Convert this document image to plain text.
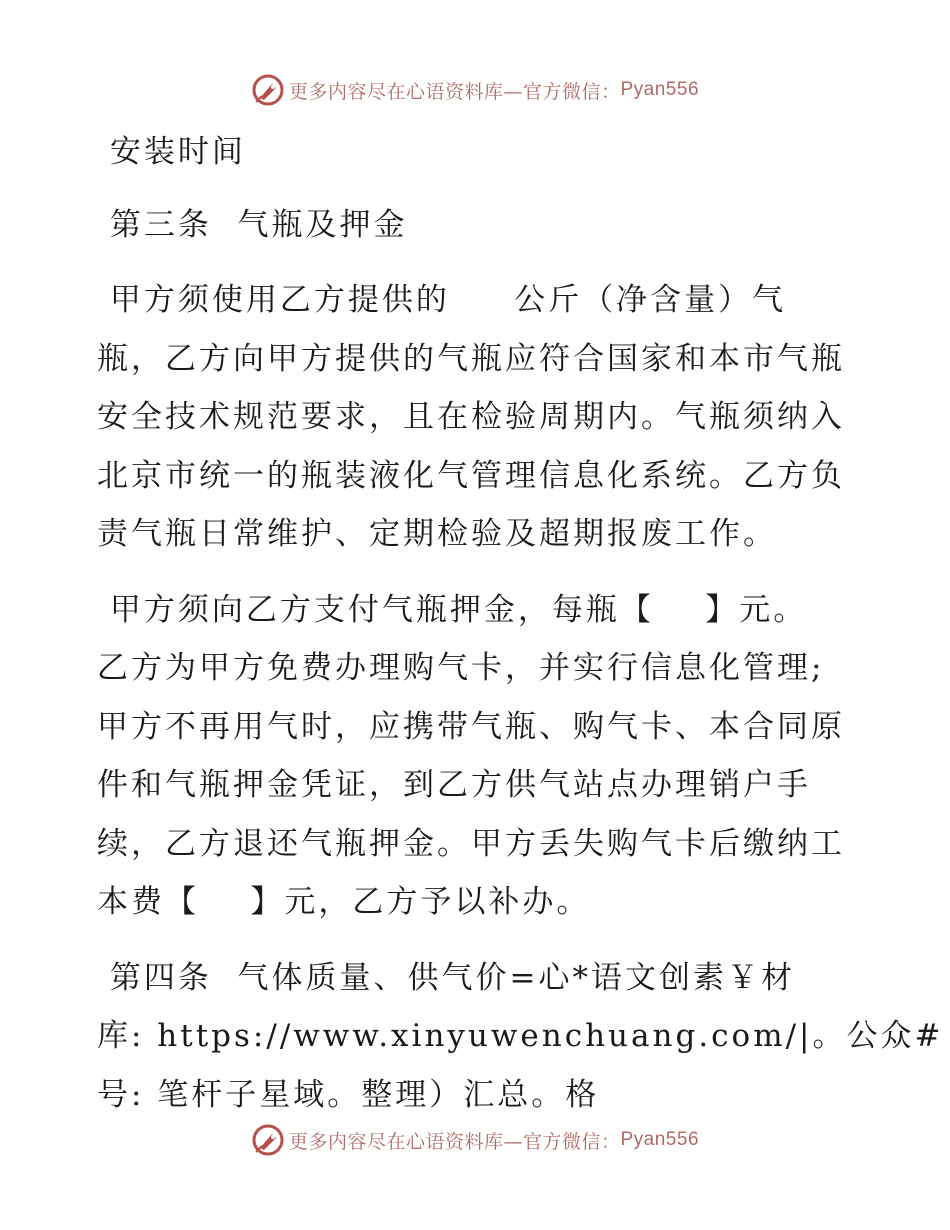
更多内容尽在心语资料库—官方微信： Pyan556
安装时间
第三条  气瓶及押金
甲方须使用乙方提供的     公斤（净含量）气
瓶，乙方向甲方提供的气瓶应符合国家和本市气瓶
安全技术规范要求，且在检验周期内。气瓶须纳入
北京市统一的瓶装液化气管理信息化系统。乙方负
责气瓶日常维护、定期检验及超期报废工作。
甲方须向乙方支付气瓶押金，每瓶【    】元。
乙方为甲方免费办理购气卡，并实行信息化管理;
甲方不再用气时，应携带气瓶、购气卡、本合同原
件和气瓶押金凭证，到乙方供气站点办理销户手
续，乙方退还气瓶押金。甲方丢失购气卡后缴纳工
本费【    】元，乙方予以补办。
第四条  气体质量、供气价=心*语文创素￥材
库: https://www.xinyuwenchuang.com/|。公众#
号: 笔杆子星域。整理）汇总。格
更多内容尽在心语资料库—官方微信： Pyan556
